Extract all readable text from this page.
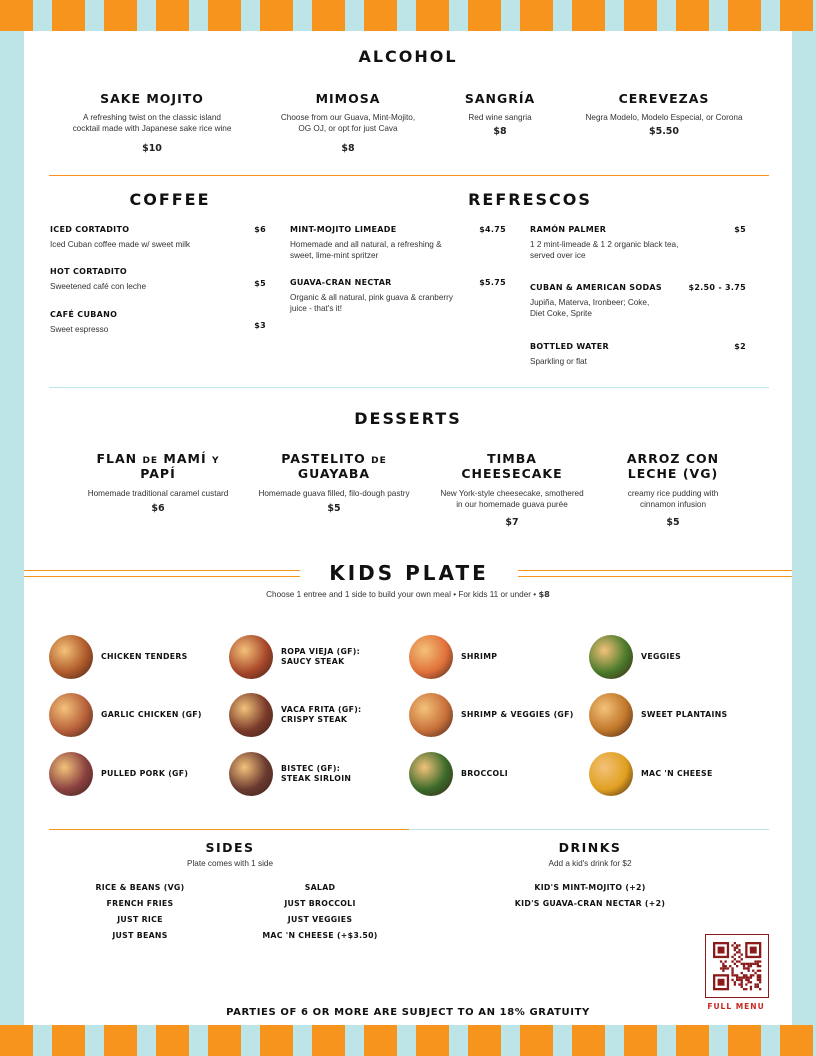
ALCOHOL
SAKE MOJITO
A refreshing twist on the classic island
cocktail made with Japanese sake rice wine
$10
MIMOSA
Choose from our Guava, Mint-Mojito,
OG OJ, or opt for just Cava
$8
SANGRÍA
Red wine sangria
$8
CEREVEZAS
Negra Modelo, Modelo Especial, or Corona
$5.50
COFFEE
ICED CORTADITO
Iced Cuban coffee made w/ sweet milk
$6
HOT CORTADITO
Sweetened café con leche	$5
CAFÉ CUBANO
Sweet espresso	$3
REFRESCOS
MINT-MOJITO LIMEADE	$4.75
Homemade and all natural, a refreshing &
sweet, lime-mint spritzer
GUAVA-CRAN NECTAR	$5.75
Organic & all natural, pink guava & cranberry
juice - that's it!
RAMÓN PALMER	$5
1 2 mint-limeade & 1 2 organic black tea,
served over ice
CUBAN & AMERICAN SODAS	$2.50 - 3.75
Jupiña, Materva, Ironbeer; Coke,
Diet Coke, Sprite
BOTTLED WATER	$2
Sparkling or flat
DESSERTS
FLAN DE MAMÍ Y
PAPÍ
Homemade traditional caramel custard
$6
PASTELITO DE
GUAYABA
Homemade guava filled, filo-dough pastry
$5
TIMBA
CHEESECAKE
New York-style cheesecake, smothered
in our homemade guava purée
$7
ARROZ CON
LECHE (VG)
creamy rice pudding with
cinnamon infusion
$5
KIDS PLATE
Choose 1 entree and 1 side to build your own meal • For kids 11 or under • $8
CHICKEN TENDERS
ROPA VIEJA (GF):
SAUCY STEAK
SHRIMP	VEGGIES
GARLIC CHICKEN (GF)
VACA FRITA (GF):
CRISPY STEAK
SHRIMP & VEGGIES (GF)	SWEET PLANTAINS
PULLED PORK (GF)
BISTEC (GF):
STEAK SIRLOIN
BROCCOLI	MAC 'N CHEESE
SIDES
Plate comes with 1 side
RICE & BEANS (VG)
FRENCH FRIES
JUST RICE
JUST BEANS
SALAD
JUST BROCCOLI
JUST VEGGIES
MAC 'N CHEESE (+$3.50)
DRINKS
Add a kid's drink for $2
KID'S MINT-MOJITO (+2)
KID'S GUAVA-CRAN NECTAR (+2)
FULL MENU
PARTIES OF 6 OR MORE ARE SUBJECT TO AN 18% GRATUITY
